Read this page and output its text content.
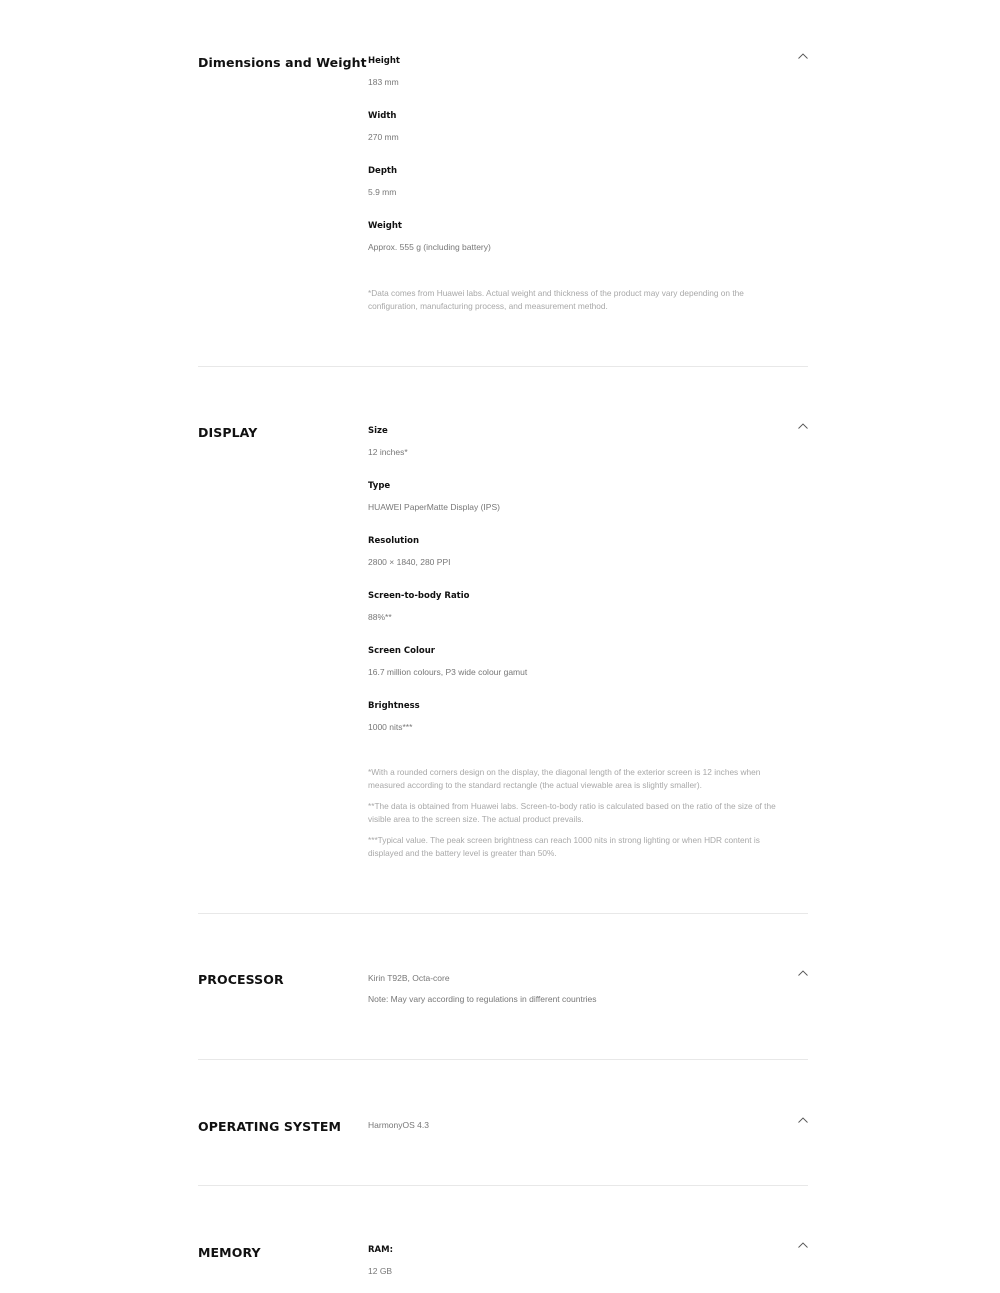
Dimensions and Weight Height
183 mm
Width
270 mm
Depth
5.9 mm
Weight
Approx. 555 g (including battery)
*Data comes from Huawei labs. Actual weight and thickness of the product may vary depending on the configuration, manufacturing process, and measurement method.
DISPLAY	Size
12 inches*
Type
HUAWEI PaperMatte Display (IPS)
Resolution
2800 × 1840, 280 PPI
Screen-to-body Ratio
88%**
Screen Colour
16.7 million colours, P3 wide colour gamut
Brightness
1000 nits***
*With a rounded corners design on the display, the diagonal length of the exterior screen is 12 inches when measured according to the standard rectangle (the actual viewable area is slightly smaller).
**The data is obtained from Huawei labs. Screen-to-body ratio is calculated based on the ratio of the size of the visible area to the screen size. The actual product prevails.
***Typical value. The peak screen brightness can reach 1000 nits in strong lighting or when HDR content is displayed and the battery level is greater than 50%.
PROCESSOR	Kirin T92B, Octa-core
Note: May vary according to regulations in different countries
OPERATING SYSTEM	HarmonyOS 4.3
MEMORY	RAM:
12 GB
